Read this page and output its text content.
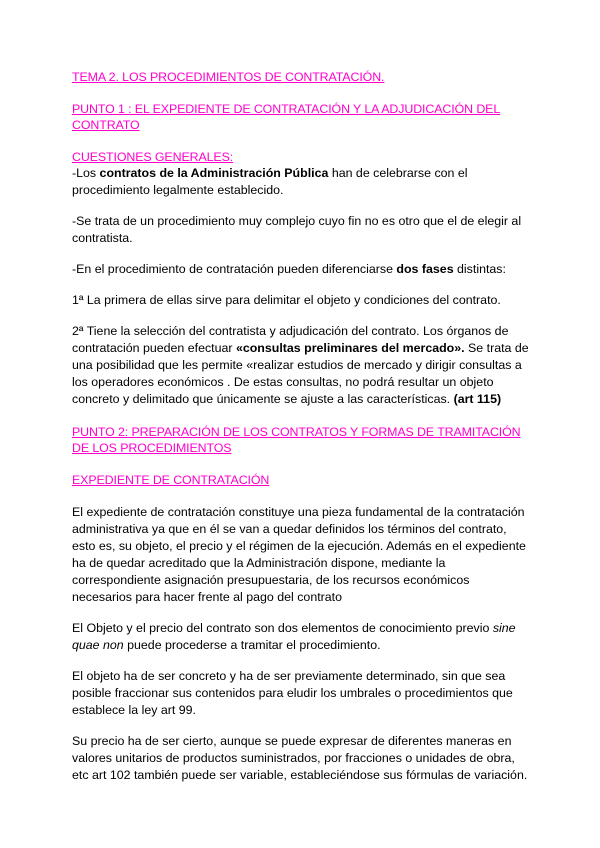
TEMA 2. LOS PROCEDIMIENTOS DE CONTRATACIÓN.

PUNTO 1 : EL EXPEDIENTE DE CONTRATACIÓN Y LA ADJUDICACIÓN DEL CONTRATO

CUESTIONES GENERALES:

-Los contratos de la Administración Pública han de celebrarse con el procedimiento legalmente establecido.

-Se trata de un procedimiento muy complejo cuyo fin no es otro que el de elegir al contratista.

-En el procedimiento de contratación pueden diferenciarse dos fases distintas:

1ª La primera de ellas sirve para delimitar el objeto y condiciones del contrato.

2ª Tiene la selección del contratista y adjudicación del contrato. Los órganos de contratación pueden efectuar «consultas preliminares del mercado». Se trata de una posibilidad que les permite «realizar estudios de mercado y dirigir consultas a los operadores económicos . De estas consultas, no podrá resultar un objeto concreto y delimitado que únicamente se ajuste a las características. (art 115)

PUNTO 2: PREPARACIÓN DE LOS CONTRATOS Y FORMAS DE TRAMITACIÓN DE LOS PROCEDIMIENTOS

EXPEDIENTE DE CONTRATACIÓN

El expediente de contratación constituye una pieza fundamental de la contratación administrativa ya que en él se van a quedar definidos los términos del contrato, esto es, su objeto, el precio y el régimen de la ejecución. Además en el expediente ha de quedar acreditado que la Administración dispone, mediante la correspondiente asignación presupuestaria, de los recursos económicos necesarios para hacer frente al pago del contrato

El Objeto y el precio del contrato son dos elementos de conocimiento previo sine quae non puede procederse a tramitar el procedimiento.

El objeto ha de ser concreto y ha de ser previamente determinado, sin que sea posible fraccionar sus contenidos para eludir los umbrales o procedimientos que establece la ley art 99.

Su precio ha de ser cierto, aunque se puede expresar de diferentes maneras en valores unitarios de productos suministrados, por fracciones o unidades de obra, etc art 102 también puede ser variable, estableciéndose sus fórmulas de variación.
